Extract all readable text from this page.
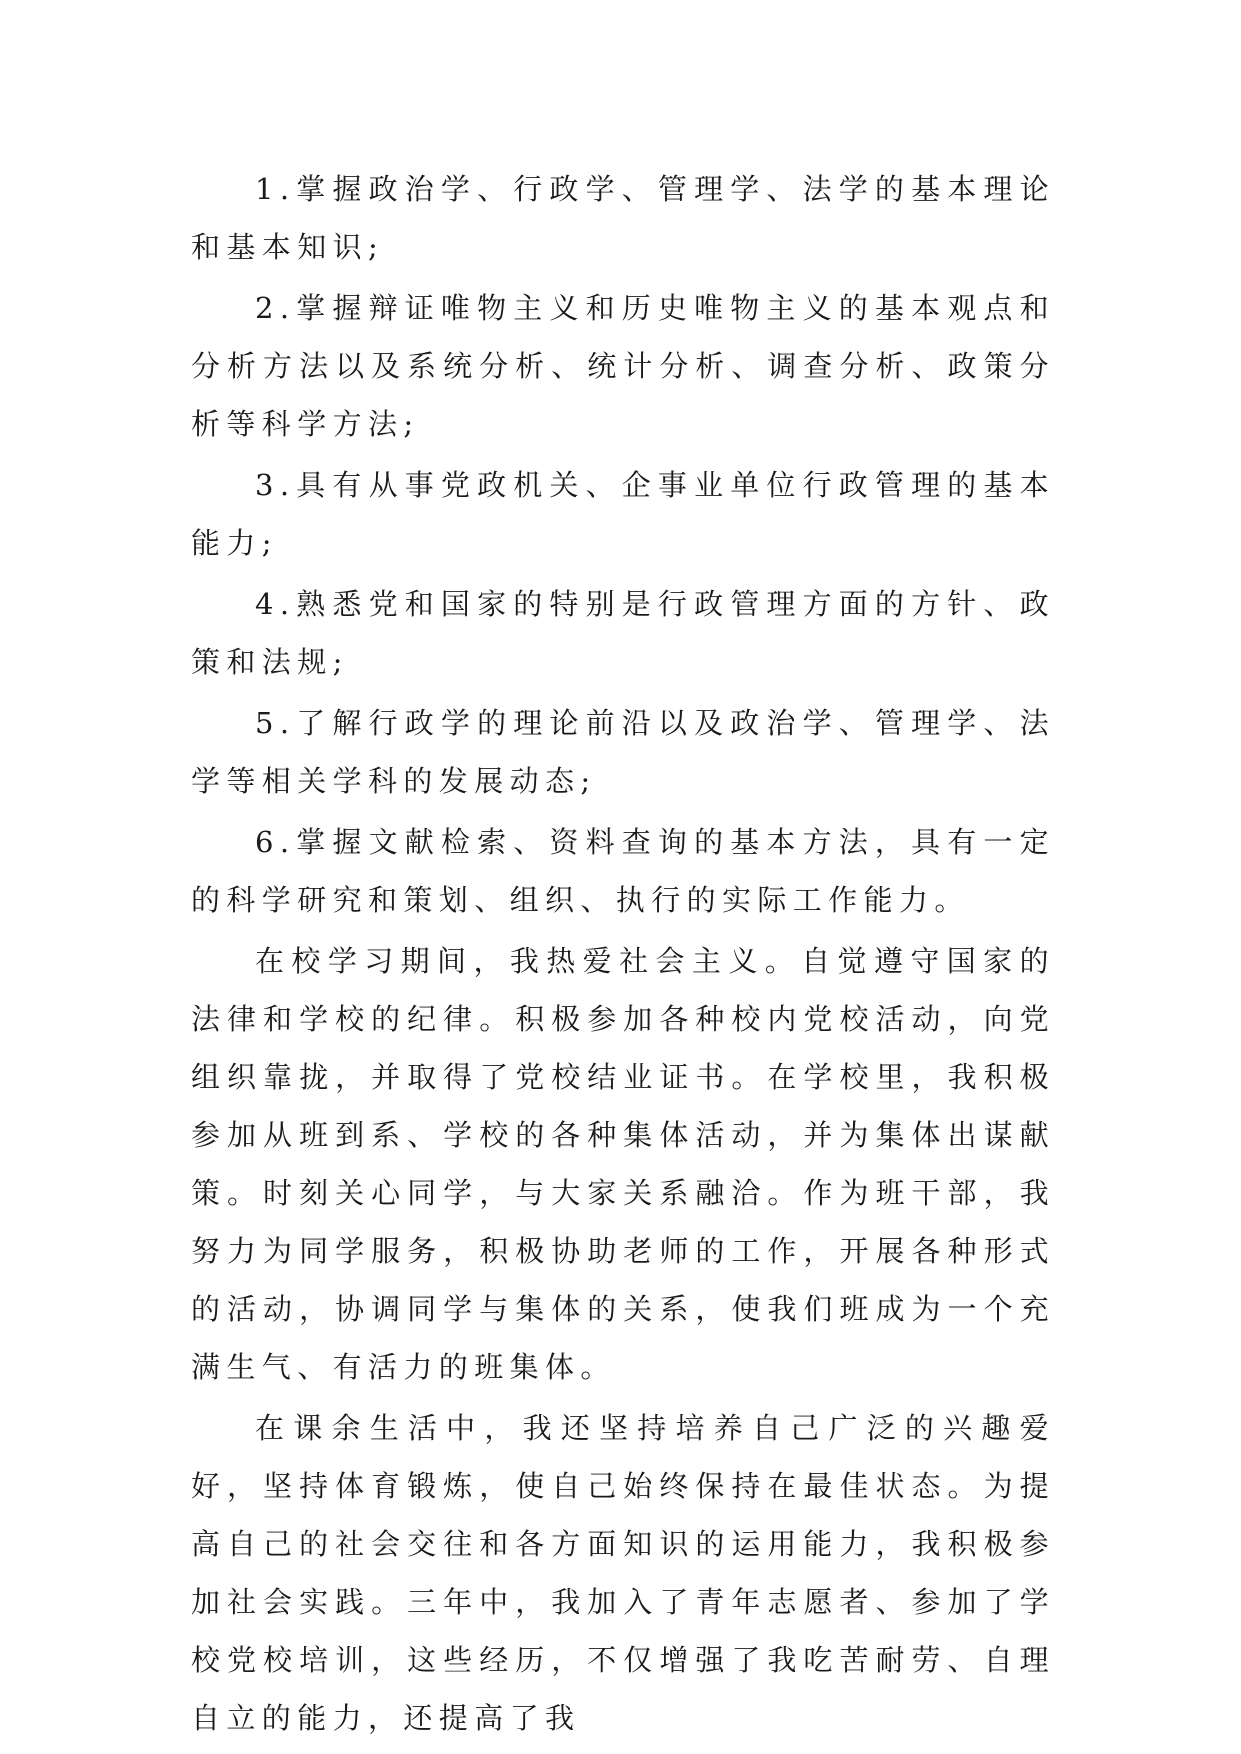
1.掌握政治学、行政学、管理学、法学的基本理论和基本知识;

2.掌握辩证唯物主义和历史唯物主义的基本观点和分析方法以及系统分析、统计分析、调查分析、政策分析等科学方法;

3.具有从事党政机关、企事业单位行政管理的基本能力;

4.熟悉党和国家的特别是行政管理方面的方针、政策和法规;

5.了解行政学的理论前沿以及政治学、管理学、法学等相关学科的发展动态;

6.掌握文献检索、资料查询的基本方法，具有一定的科学研究和策划、组织、执行的实际工作能力。

在校学习期间，我热爱社会主义。自觉遵守国家的法律和学校的纪律。积极参加各种校内党校活动，向党组织靠拢，并取得了党校结业证书。在学校里，我积极参加从班到系、学校的各种集体活动，并为集体出谋献策。时刻关心同学，与大家关系融洽。作为班干部，我努力为同学服务，积极协助老师的工作，开展各种形式的活动，协调同学与集体的关系，使我们班成为一个充满生气、有活力的班集体。

在课余生活中，我还坚持培养自己广泛的兴趣爱好，坚持体育锻炼，使自己始终保持在最佳状态。为提高自己的社会交往和各方面知识的运用能力，我积极参加社会实践。三年中，我加入了青年志愿者、参加了学校党校培训，这些经历，不仅增强了我吃苦耐劳、自理自立的能力，还提高了我
